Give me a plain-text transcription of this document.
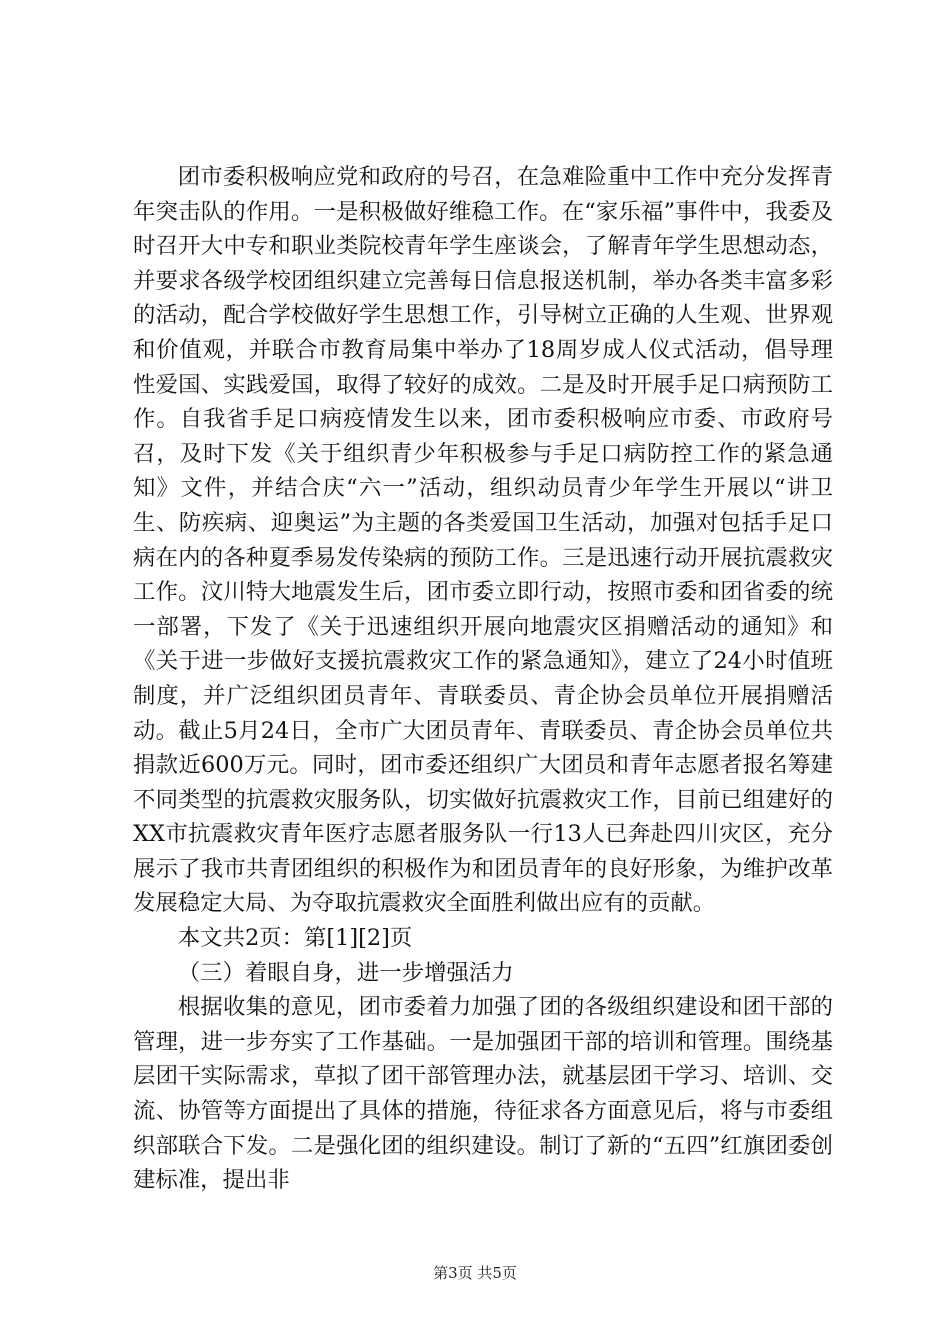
团市委积极响应党和政府的号召，在急难险重中工作中充分发挥青年突击队的作用。一是积极做好维稳工作。在“家乐福”事件中，我委及时召开大中专和职业类院校青年学生座谈会，了解青年学生思想动态，并要求各级学校团组织建立完善每日信息报送机制，举办各类丰富多彩的活动，配合学校做好学生思想工作，引导树立正确的人生观、世界观和价值观，并联合市教育局集中举办了18周岁成人仪式活动，倡导理性爱国、实践爱国，取得了较好的成效。二是及时开展手足口病预防工作。自我省手足口病疫情发生以来，团市委积极响应市委、市政府号召，及时下发《关于组织青少年积极参与手足口病防控工作的紧急通知》文件，并结合庆“六一”活动，组织动员青少年学生开展以“讲卫生、防疾病、迎奥运”为主题的各类爱国卫生活动，加强对包括手足口病在内的各种夏季易发传染病的预防工作。三是迅速行动开展抗震救灾工作。汶川特大地震发生后，团市委立即行动，按照市委和团省委的统一部署，下发了《关于迅速组织开展向地震灾区捐赠活动的通知》和《关于进一步做好支援抗震救灾工作的紧急通知》，建立了24小时值班制度，并广泛组织团员青年、青联委员、青企协会员单位开展捐赠活动。截止5月24日，全市广大团员青年、青联委员、青企协会员单位共捐款近600万元。同时，团市委还组织广大团员和青年志愿者报名筹建不同类型的抗震救灾服务队，切实做好抗震救灾工作，目前已组建好的XX市抗震救灾青年医疗志愿者服务队一行13人已奔赴四川灾区，充分展示了我市共青团组织的积极作为和团员青年的良好形象，为维护改革发展稳定大局、为夺取抗震救灾全面胜利做出应有的贡献。

本文共2页：第[1][2]页

（三）着眼自身，进一步增强活力

根据收集的意见，团市委着力加强了团的各级组织建设和团干部的管理，进一步夯实了工作基础。一是加强团干部的培训和管理。围绕基层团干实际需求，草拟了团干部管理办法，就基层团干学习、培训、交流、协管等方面提出了具体的措施，待征求各方面意见后，将与市委组织部联合下发。二是强化团的组织建设。制订了新的“五四”红旗团委创建标准，提出非

第3页 共5页
